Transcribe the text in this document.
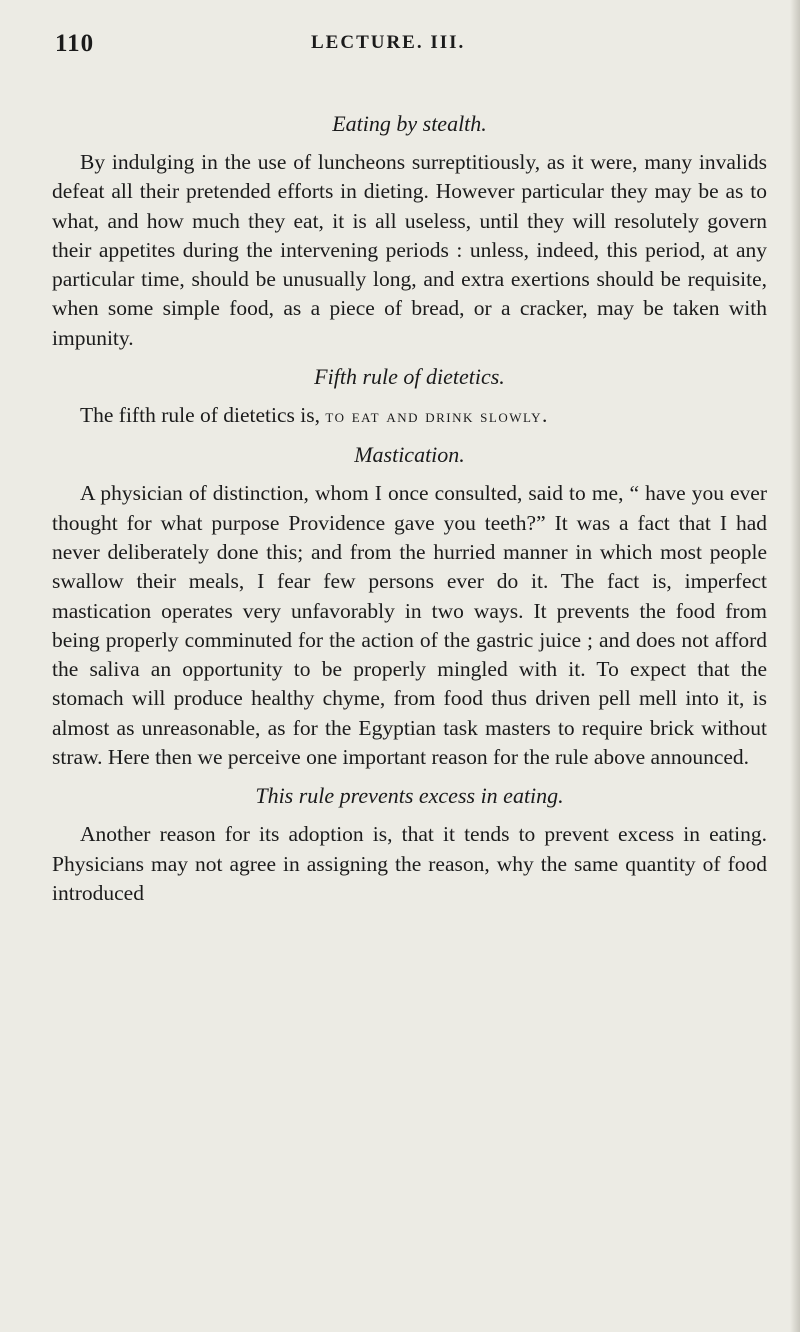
110	LECTURE. III.
Eating by stealth.

By indulging in the use of luncheons surreptitiously, as it were, many invalids defeat all their pretended efforts in dieting. However particular they may be as to what, and how much they eat, it is all useless, until they will resolutely govern their appetites during the intervening periods : unless, indeed, this period, at any particular time, should be unusually long, and extra exertions should be requisite, when some simple food, as a piece of bread, or a cracker, may be taken with impunity.

Fifth rule of dietetics.

The fifth rule of dietetics is, to eat and drink slowly.

Mastication.

A physician of distinction, whom I once consulted, said to me, “ have you ever thought for what purpose Providence gave you teeth?” It was a fact that I had never deliberately done this; and from the hurried manner in which most people swallow their meals, I fear few persons ever do it. The fact is, imperfect mastication operates very unfavorably in two ways. It prevents the food from being properly comminuted for the action of the gastric juice ; and does not afford the saliva an opportunity to be properly mingled with it. To expect that the stomach will produce healthy chyme, from food thus driven pell mell into it, is almost as unreasonable, as for the Egyptian task masters to require brick without straw. Here then we perceive one important reason for the rule above announced.

This rule prevents excess in eating.

Another reason for its adoption is, that it tends to prevent excess in eating. Physicians may not agree in assigning the reason, why the same quantity of food introduced
